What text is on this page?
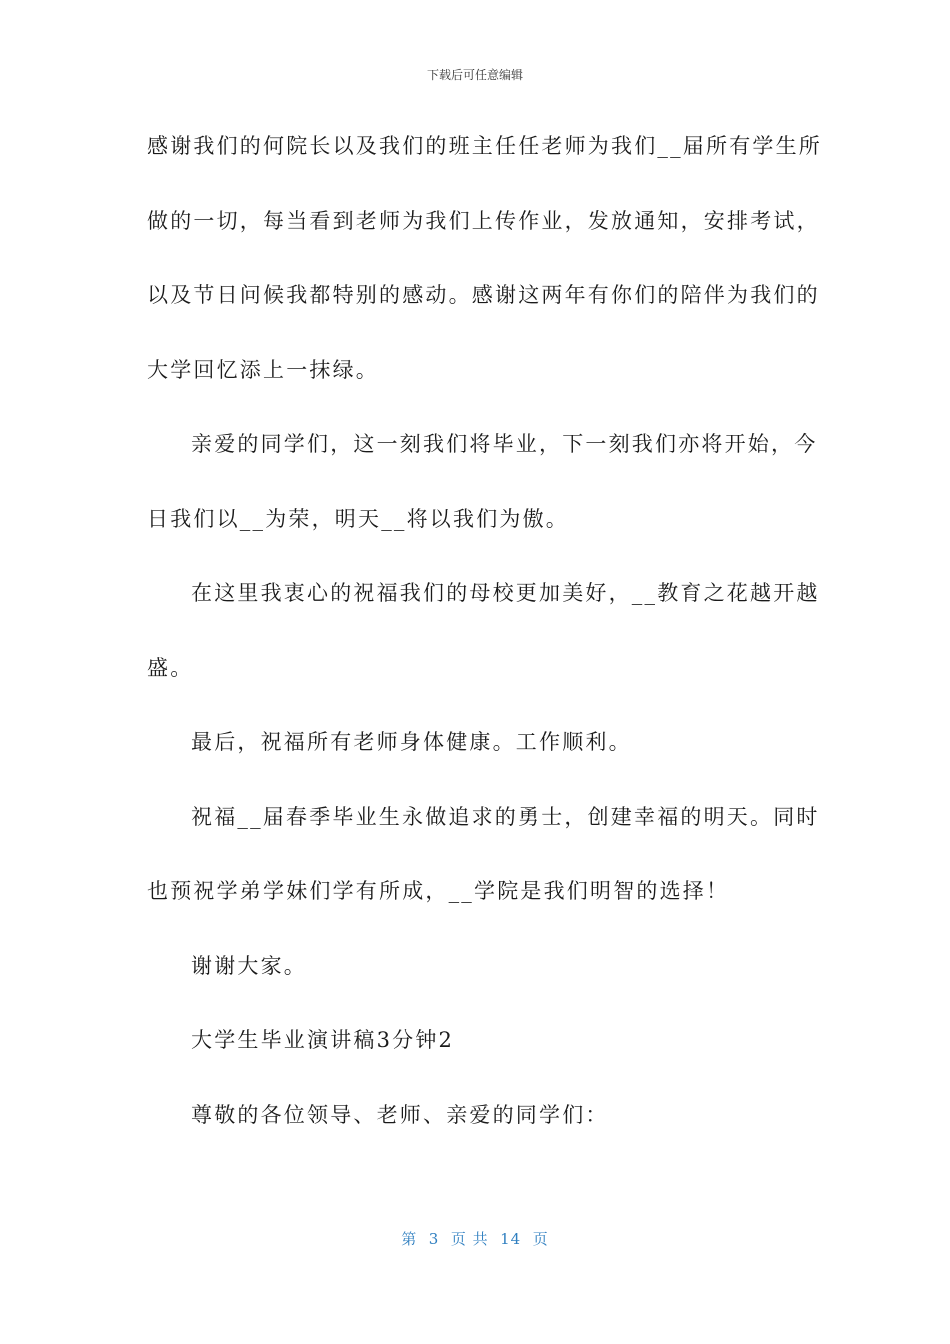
下载后可任意编辑
感谢我们的何院长以及我们的班主任任老师为我们__届所有学生所
做的一切，每当看到老师为我们上传作业，发放通知，安排考试，
以及节日问候我都特别的感动。感谢这两年有你们的陪伴为我们的
大学回忆添上一抹绿。
亲爱的同学们，这一刻我们将毕业，下一刻我们亦将开始，今
日我们以__为荣，明天__将以我们为傲。
在这里我衷心的祝福我们的母校更加美好，__教育之花越开越
盛。
最后，祝福所有老师身体健康。工作顺利。
祝福__届春季毕业生永做追求的勇士，创建幸福的明天。同时
也预祝学弟学妹们学有所成，__学院是我们明智的选择！
谢谢大家。
大学生毕业演讲稿3分钟2
尊敬的各位领导、老师、亲爱的同学们：
第  3  页 共  14  页
